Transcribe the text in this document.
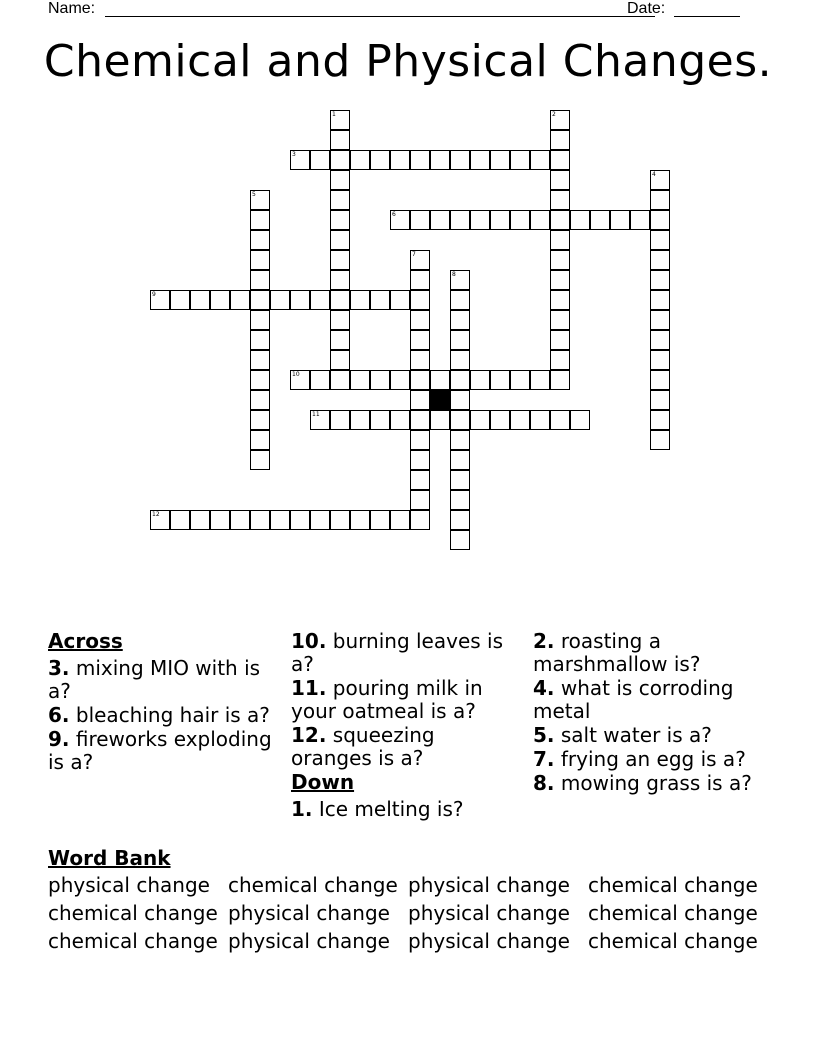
Name:	Date:
Chemical and Physical Changes.
1	2
3
4
5
6
7
8
9
10
11
12
Across
3. mixing MIO with is a?
6. bleaching hair is a?
9. fireworks exploding is a?
10. burning leaves is a?
11. pouring milk in your oatmeal is a?
12. squeezing oranges is a?
Down
1. Ice melting is?
2. roasting a marshmallow is?
4. what is corroding metal
5. salt water is a?
7. frying an egg is a?
8. mowing grass is a?
Word Bank
physical change chemical change physical change chemical change
chemical change physical change physical change chemical change
chemical change physical change physical change chemical change
